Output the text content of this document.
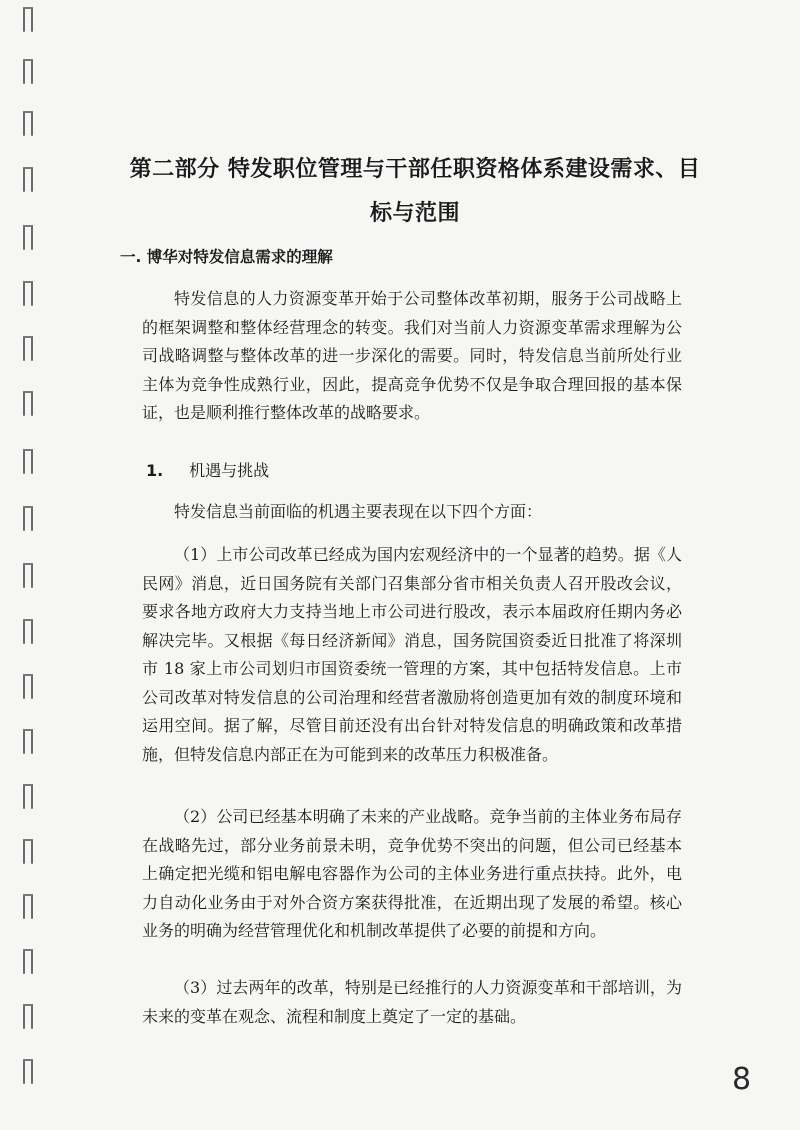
第二部分 特发职位管理与干部任职资格体系建设需求、目标与范围
一. 博华对特发信息需求的理解

特发信息的人力资源变革开始于公司整体改革初期，服务于公司战略上的框架调整和整体经营理念的转变。我们对当前人力资源变革需求理解为公司战略调整与整体改革的进一步深化的需要。同时，特发信息当前所处行业主体为竞争性成熟行业，因此，提高竞争优势不仅是争取合理回报的基本保证，也是顺利推行整体改革的战略要求。

1. 机遇与挑战

特发信息当前面临的机遇主要表现在以下四个方面：

（1）上市公司改革已经成为国内宏观经济中的一个显著的趋势。据《人民网》消息，近日国务院有关部门召集部分省市相关负责人召开股改会议，要求各地方政府大力支持当地上市公司进行股改，表示本届政府任期内务必解决完毕。又根据《每日经济新闻》消息，国务院国资委近日批准了将深圳市 18 家上市公司划归市国资委统一管理的方案，其中包括特发信息。上市公司改革对特发信息的公司治理和经营者激励将创造更加有效的制度环境和运用空间。据了解，尽管目前还没有出台针对特发信息的明确政策和改革措施，但特发信息内部正在为可能到来的改革压力积极准备。

（2）公司已经基本明确了未来的产业战略。竞争当前的主体业务布局存在战略先过，部分业务前景未明，竞争优势不突出的问题，但公司已经基本上确定把光缆和铝电解电容器作为公司的主体业务进行重点扶持。此外，电力自动化业务由于对外合资方案获得批准，在近期出现了发展的希望。核心业务的明确为经营管理优化和机制改革提供了必要的前提和方向。

（3）过去两年的改革，特别是已经推行的人力资源变革和干部培训，为未来的变革在观念、流程和制度上奠定了一定的基础。

8
